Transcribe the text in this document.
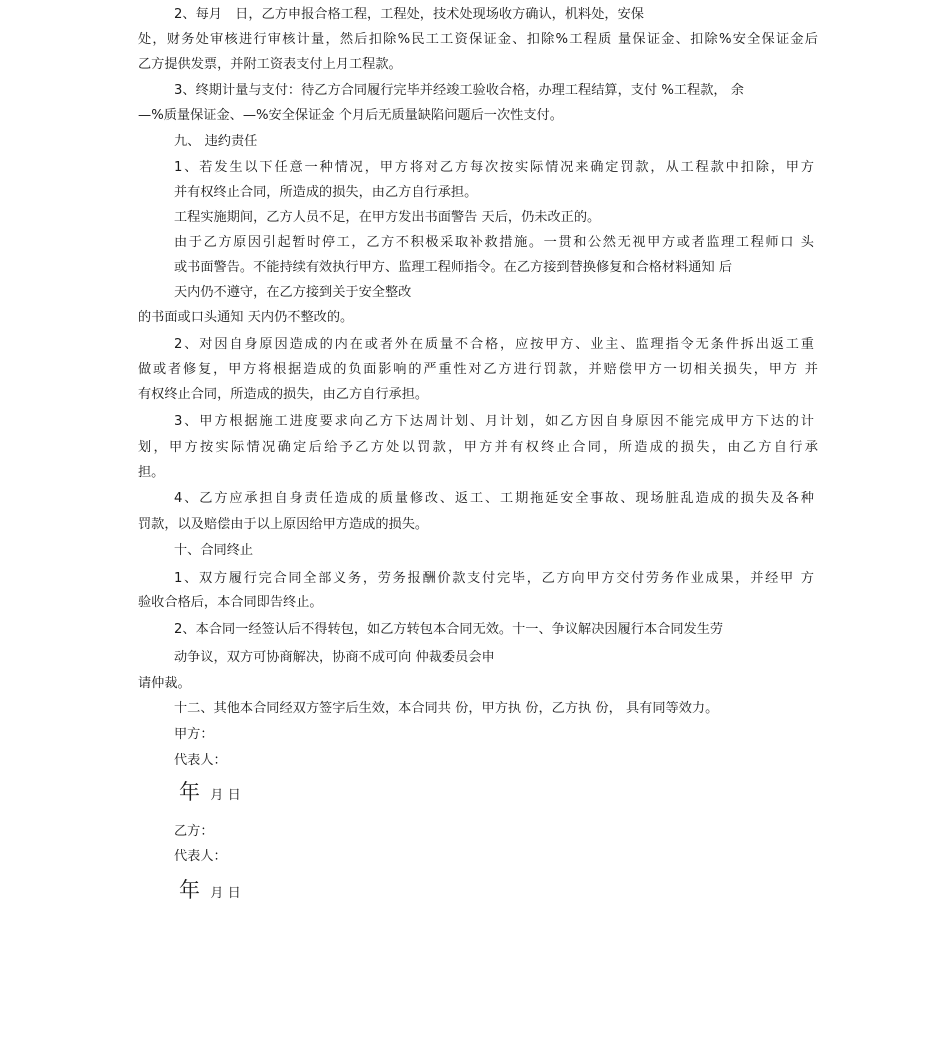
2、每月　日，乙方申报合格工程，工程处，技术处现场收方确认，机料处，安保
处，财务处审核进行审核计量，然后扣除%民工工资保证金、扣除%工程质 量保证金、扣除%安全保证金后
乙方提供发票，并附工资表支付上月工程款。
3、终期计量与支付：待乙方合同履行完毕并经竣工验收合格，办理工程结算，支付 %工程款， 余
—%质量保证金、—%安全保证金 个月后无质量缺陷问题后一次性支付。
九、 违约责任
1、若发生以下任意一种情况，甲方将对乙方每次按实际情况来确定罚款，从工程款中扣除，甲方
并有权终止合同，所造成的损失，由乙方自行承担。
工程实施期间，乙方人员不足，在甲方发出书面警告 天后，仍未改正的。
由于乙方原因引起暂时停工，乙方不积极采取补救措施。一贯和公然无视甲方或者监理工程师口 头
或书面警告。不能持续有效执行甲方、监理工程师指令。在乙方接到替换修复和合格材料通知 后
天内仍不遵守，在乙方接到关于安全整改
的书面或口头通知 天内仍不整改的。
2、对因自身原因造成的内在或者外在质量不合格，应按甲方、业主、监理指令无条件拆出返工重
做或者修复，甲方将根据造成的负面影响的严重性对乙方进行罚款，并赔偿甲方一切相关损失，甲方 并
有权终止合同，所造成的损失，由乙方自行承担。
3、甲方根据施工进度要求向乙方下达周计划、月计划，如乙方因自身原因不能完成甲方下达的计
划，甲方按实际情况确定后给予乙方处以罚款，甲方并有权终止合同，所造成的损失，由乙方自行承
担。
4、乙方应承担自身责任造成的质量修改、返工、工期拖延安全事故、现场脏乱造成的损失及各种
罚款，以及赔偿由于以上原因给甲方造成的损失。
十、合同终止
1、双方履行完合同全部义务，劳务报酬价款支付完毕，乙方向甲方交付劳务作业成果，并经甲 方
验收合格后，本合同即告终止。
2、本合同一经签认后不得转包，如乙方转包本合同无效。十一、争议解决因履行本合同发生劳
动争议，双方可协商解决，协商不成可向 仲裁委员会申
请仲裁。
十二、其他本合同经双方签字后生效，本合同共 份，甲方执 份，乙方执 份， 具有同等效力。
甲方：
代表人：
年 月 日
乙方：
代表人：
年 月 日
